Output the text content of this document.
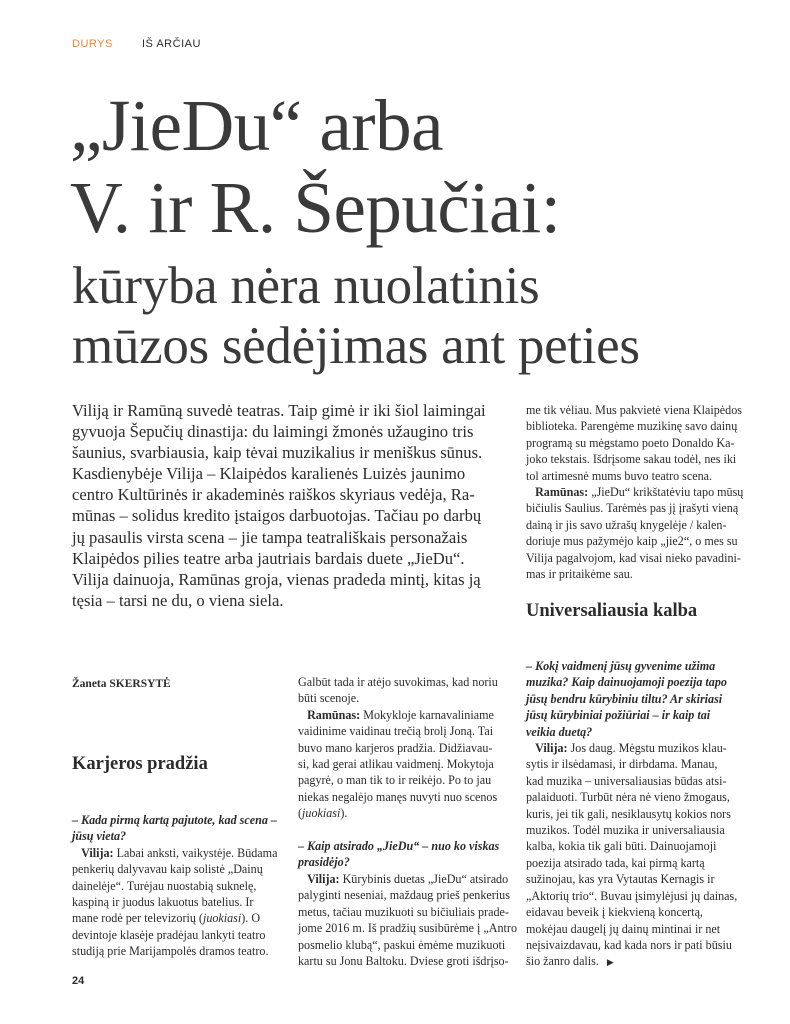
DURYS	IŠ ARČIAU
„JieDu“ arba
V. ir R. Šepučiai:
kūryba nėra nuolatinis
mūzos sėdėjimas ant peties
Viliją ir Ramūną suvedė teatras. Taip gimė ir iki šiol laimingai
gyvuoja Šepučių dinastija: du laimingi žmonės užaugino tris
šaunius, svarbiausia, kaip tėvai muzikalius ir meniškus sūnus.
Kasdienybėje Vilija – Klaipėdos karalienės Luizės jaunimo
centro Kultūrinės ir akademinės raiškos skyriaus vedėja, Ra-
mūnas – solidus kredito įstaigos darbuotojas. Tačiau po darbų
jų pasaulis virsta scena – jie tampa teatrališkais personažais
Klaipėdos pilies teatre arba jautriais bardais duete „JieDu“.
Vilija dainuoja, Ramūnas groja, vienas pradeda mintį, kitas ją
tęsia – tarsi ne du, o viena siela.
Žaneta SKERSYTĖ
Karjeros pradžia
– Kada pirmą kartą pajutote, kad scena –
jūsų vieta?
Vilija: Labai anksti, vaikystėje. Būdama
penkerių dalyvavau kaip solistė „Dainų
dainelėje“. Turėjau nuostabią suknelę,
kaspiną ir juodus lakuotus batelius. Ir
mane rodė per televizorių (juokiasi). O
devintoje klasėje pradėjau lankyti teatro
studiją prie Marijampolės dramos teatro.
Galbūt tada ir atėjo suvokimas, kad noriu
būti scenoje.
Ramūnas: Mokykloje karnavaliniame
vaidinime vaidinau trečią brolį Joną. Tai
buvo mano karjeros pradžia. Didžiavau-
si, kad gerai atlikau vaidmenį. Mokytoja
pagyrė, o man tik to ir reikėjo. Po to jau
niekas negalėjo manęs nuvyti nuo scenos
(juokiasi).

– Kaip atsirado „JieDu“ – nuo ko viskas
prasidėjo?
Vilija: Kūrybinis duetas „JieDu“ atsirado
palyginti neseniai, maždaug prieš penkerius
metus, tačiau muzikuoti su bičiuliais prade-
jome 2016 m. Iš pradžių susibūrėme į „Antro
posmelio klubą“, paskui ėmėme muzikuoti
kartu su Jonu Baltoku. Dviese groti išdrįso-
me tik vėliau. Mus pakvietė viena Klaipėdos
biblioteka. Parengėme muzikinę savo dainų
programą su mėgstamo poeto Donaldo Ka-
joko tekstais. Išdrįsome sakau todėl, nes iki
tol artimesnė mums buvo teatro scena.
Ramūnas: „JieDu“ krikštatėviu tapo mūsų
bičiulis Saulius. Tarėmės pas jį įrašyti vieną
dainą ir jis savo užrašų knygelėje / kalen-
doriuje mus pažymėjo kaip „jie2“, o mes su
Vilija pagalvojom, kad visai nieko pavadini-
mas ir pritaikėme sau.
Universaliausia kalba
– Kokį vaidmenį jūsų gyvenime užima
muzika? Kaip dainuojamoji poezija tapo
jūsų bendru kūrybiniu tiltu? Ar skiriasi
jūsų kūrybiniai požiūriai – ir kaip tai
veikia duetą?
Vilija: Jos daug. Mėgstu muzikos klau-
sytis ir ilsėdamasi, ir dirbdama. Manau,
kad muzika – universaliausias būdas atsi-
palaiduoti. Turbūt nėra nė vieno žmogaus,
kuris, jei tik gali, nesiklausytų kokios nors
muzikos. Todėl muzika ir universaliausia
kalba, kokia tik gali būti. Dainuojamoji
poezija atsirado tada, kai pirmą kartą
sužinojau, kas yra Vytautas Kernagis ir
„Aktorių trio“. Buvau įsimylėjusi jų dainas,
eidavau beveik į kiekvieną koncertą,
mokėjau daugelį jų dainų mintinai ir net
neįsivaizdavau, kad kada nors ir pati būsiu
šio žanro dalis. ▶
24
